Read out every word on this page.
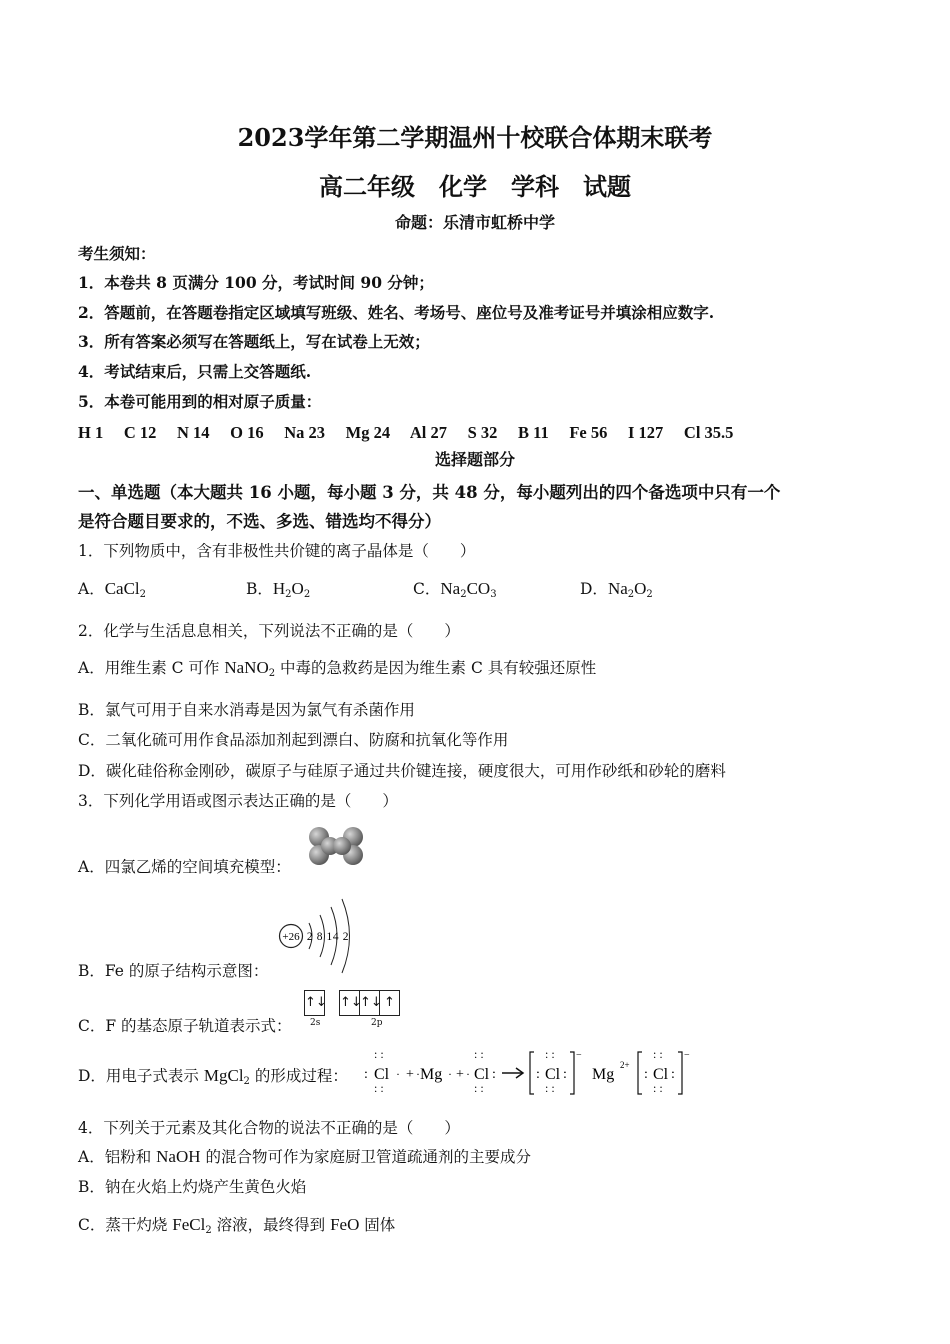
2023学年第二学期温州十校联合体期末联考
高二年级　化学　学科　试题
命题：乐清市虹桥中学
考生须知：
1．本卷共 8 页满分 100 分，考试时间 90 分钟；
2．答题前，在答题卷指定区域填写班级、姓名、考场号、座位号及准考证号并填涂相应数字.
3．所有答案必须写在答题纸上，写在试卷上无效；
4．考试结束后，只需上交答题纸.
5．本卷可能用到的相对原子质量：
H 1　 C 12　 N 14　 O 16　 Na 23　 Mg 24　 Al 27　 S 32　 B 11　 Fe 56　 I 127　 Cl 35.5
选择题部分
一、单选题（本大题共 16 小题，每小题 3 分，共 48 分，每小题列出的四个备选项中只有一个
是符合题目要求的，不选、多选、错选均不得分）
1．下列物质中，含有非极性共价键的离子晶体是（　　）
A．CaCl$_2$	B．$H_2O_2$	C．$Na_2CO_3$	D．$Na_2O_2$
2．化学与生活息息相关，下列说法不正确的是（　　）
A．用维生素 C 可作 NaNO$_2$ 中毒的急救药是因为维生素 C 具有较强还原性
B．氯气可用于自来水消毒是因为氯气有杀菌作用
C．二氧化硫可用作食品添加剂起到漂白、防腐和抗氧化等作用
D．碳化硅俗称金刚砂，碳原子与硅原子通过共价键连接，硬度很大，可用作砂纸和砂轮的磨料
3．下列化学用语或图示表达正确的是（　　）
A．四氯乙烯的空间填充模型：
B．Fe 的原子结构示意图：
+26 2 8 14 2
C．F 的基态原子轨道表示式：
↑↓ ↑↓
↑↓ ↑
2s	2p
D．用电子式表示 MgCl$_2$ 的形成过程： Cl
: :
: :
: · + · Mg · + · Cl
: :
: :
:	: Cl
: :
: :
:
−
Mg
2+
: Cl
: :
: :
:
−
4．下列关于元素及其化合物的说法不正确的是（　　）
A．铝粉和 NaOH 的混合物可作为家庭厨卫管道疏通剂的主要成分
B．钠在火焰上灼烧产生黄色火焰
C．蒸干灼烧 FeCl$_2$ 溶液，最终得到 FeO 固体
